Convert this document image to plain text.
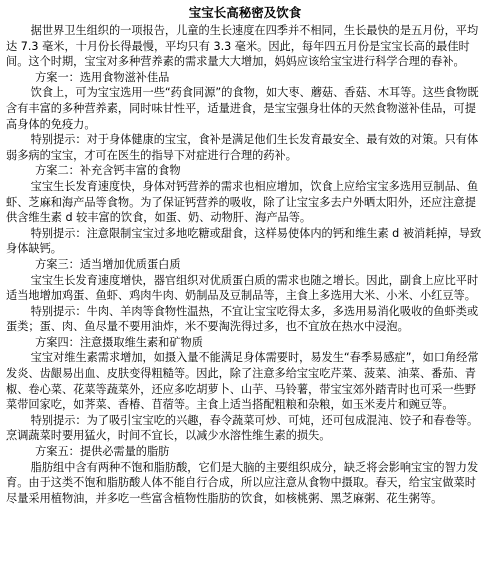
宝宝长高秘密及饮食

据世界卫生组织的一项报告，儿童的生长速度在四季并不相同，生长最快的是五月份，平均达 7.3 毫米，十月份长得最慢，平均只有 3.3 毫米。因此，每年四五月份是宝宝长高的最佳时间。这个时期，宝宝对多种营养素的需求量大大增加，妈妈应该给宝宝进行科学合理的春补。

方案一：选用食物滋补佳品

饮食上，可为宝宝选用一些“药食同源”的食物，如大枣、蘑菇、香菇、木耳等。这些食物既含有丰富的多种营养素，同时味甘性平，适量进食，是宝宝强身壮体的天然食物滋补佳品，可提高身体的免疫力。

特别提示：对于身体健康的宝宝，食补是满足他们生长发育最安全、最有效的对策。只有体弱多病的宝宝，才可在医生的指导下对症进行合理的药补。

方案二：补充含钙丰富的食物

宝宝生长发育速度快，身体对钙营养的需求也相应增加，饮食上应给宝宝多选用豆制品、鱼虾、芝麻和海产品等食物。为了保证钙营养的吸收，除了让宝宝多去户外晒太阳外，还应注意提供含维生素 d 较丰富的饮食，如蛋、奶、动物肝、海产品等。

特别提示：注意限制宝宝过多地吃糖或甜食，这样易使体内的钙和维生素 d 被消耗掉，导致身体缺钙。

方案三：适当增加优质蛋白质

宝宝生长发育速度增快，器官组织对优质蛋白质的需求也随之增长。因此，副食上应比平时适当地增加鸡蛋、鱼虾、鸡肉牛肉、奶制品及豆制品等，主食上多选用大米、小米、小红豆等。

特别提示：牛肉、羊肉等食物性温热，不宜让宝宝吃得太多，多选用易消化吸收的鱼虾类或蛋类；蛋、肉、鱼尽量不要用油炸，米不要淘洗得过多，也不宜放在热水中浸泡。

方案四：注意摄取维生素和矿物质

宝宝对维生素需求增加，如摄入量不能满足身体需要时，易发生“春季易感症”，如口角经常发炎、齿龈易出血、皮肤变得粗糙等。因此，除了注意多给宝宝吃芹菜、菠菜、油菜、番茄、青椒、卷心菜、花菜等蔬菜外，还应多吃胡萝卜、山芋、马铃薯，带宝宝郊外踏青时也可采一些野菜带回家吃，如荠菜、香椿、苜蓿等。主食上适当搭配粗粮和杂粮，如玉米麦片和豌豆等。

特别提示：为了吸引宝宝吃的兴趣，春令蔬菜可炒、可炖，还可包成混沌、饺子和春卷等。烹调蔬菜时要用猛火，时间不宜长，以减少水溶性维生素的损失。

方案五：提供必需量的脂肪

脂肪组中含有两种不饱和脂肪酸，它们是大脑的主要组织成分，缺乏将会影响宝宝的智力发育。由于这类不饱和脂肪酸人体不能自行合成，所以应注意从食物中摄取。春天，给宝宝做菜时尽量采用植物油，并多吃一些富含植物性脂肪的饮食，如核桃粥、黑芝麻粥、花生粥等。
